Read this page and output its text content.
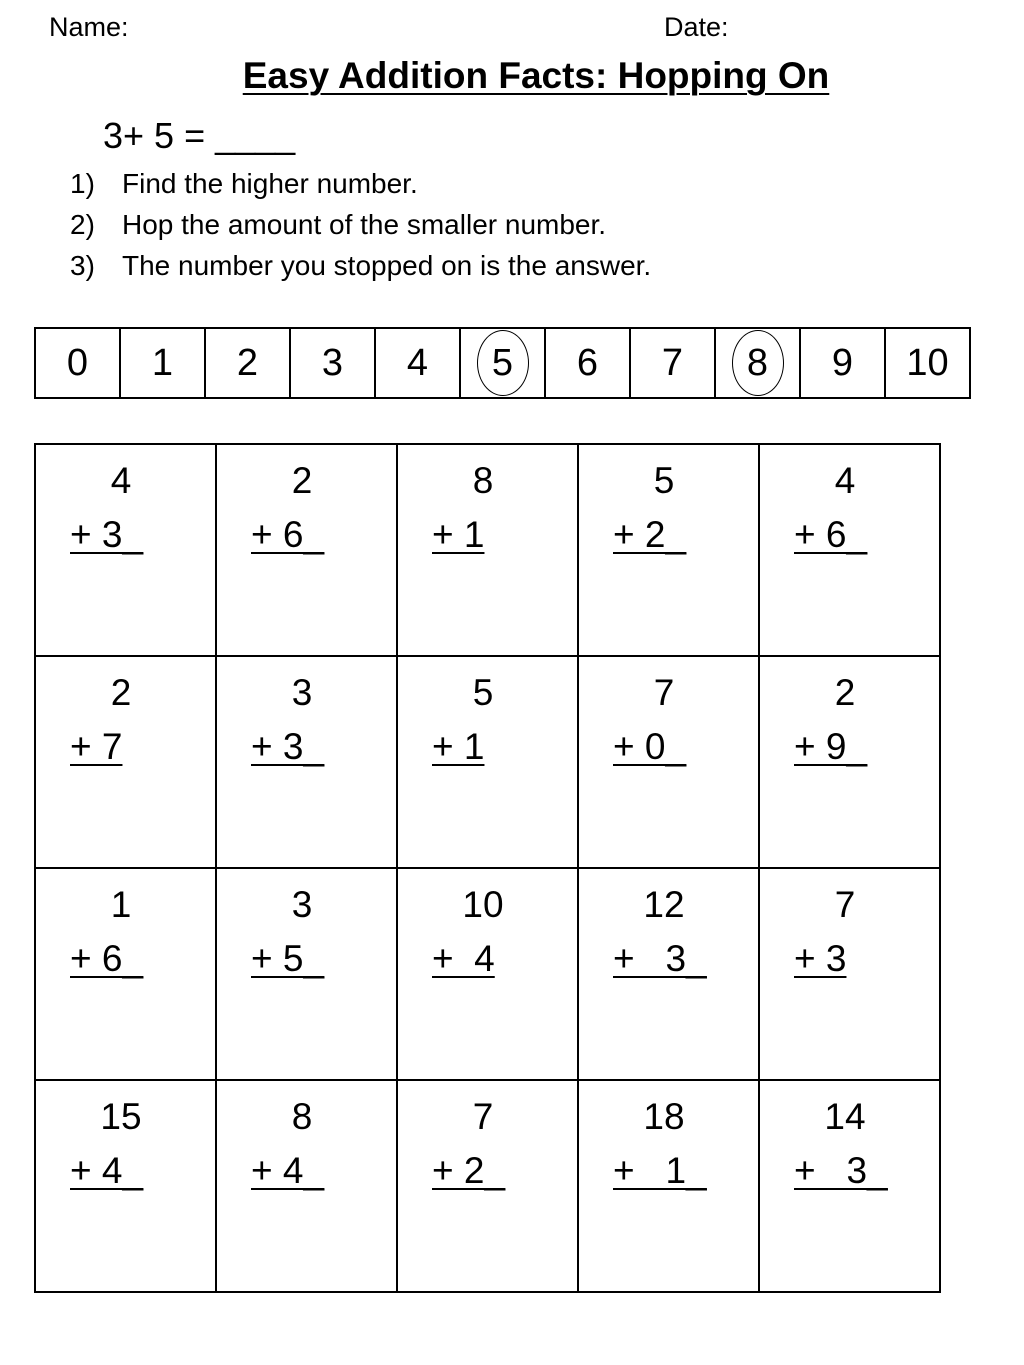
Name:	Date:
Easy Addition Facts: Hopping On
3+ 5 = ____
1) Find the higher number.
2) Hop the amount of the smaller number.
3) The number you stopped on is the answer.
0 1 2 3 4 5 6 7 8 9 10
4
+ 3_
2
+ 6_
8
+ 1
5
+ 2_
4
+ 6_
2
+ 7
3
+ 3_
5
+ 1
7
+ 0_
2
+ 9_
1
+ 6_
3
+ 5_
10
+  4
12
+   3_
7
+ 3
15
+ 4_
8
+ 4_
7
+ 2_
18
+   1_
14
+   3_
